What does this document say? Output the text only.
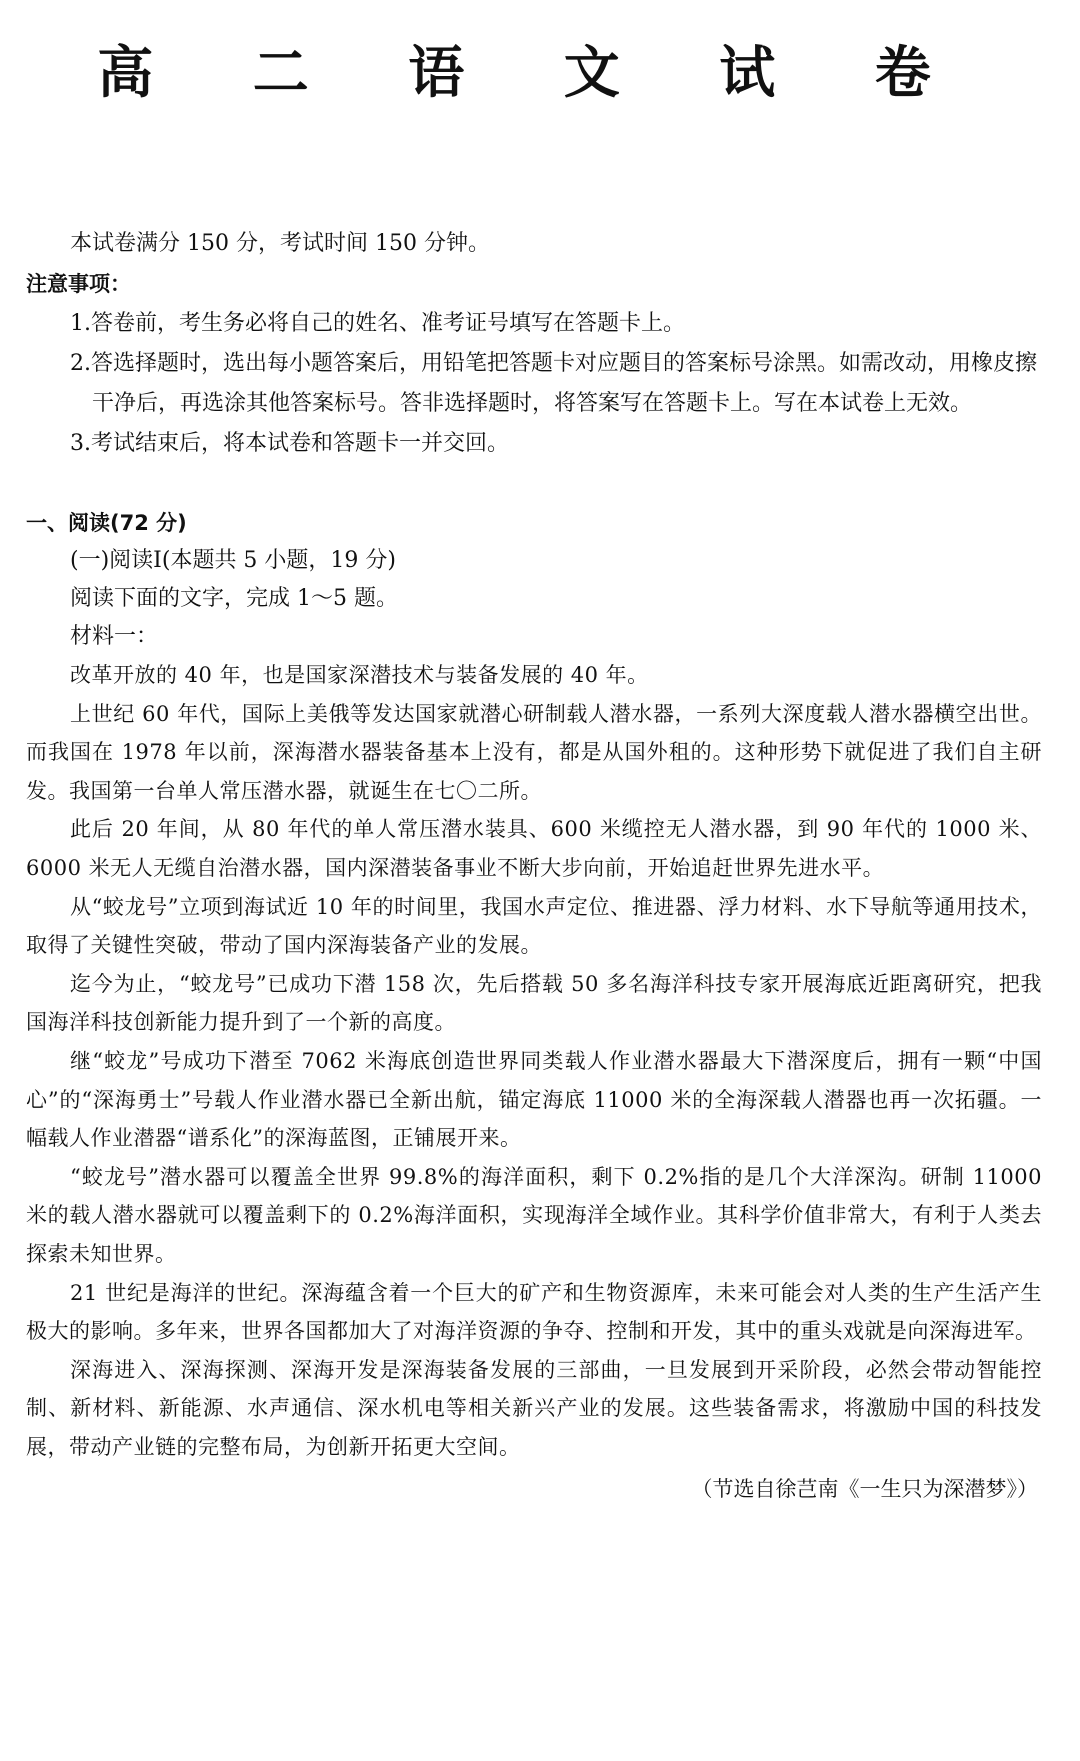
高 二 语 文 试 卷

本试卷满分 150 分，考试时间 150 分钟。

注意事项：

1.答卷前，考生务必将自己的姓名、准考证号填写在答题卡上。

2.答选择题时，选出每小题答案后，用铅笔把答题卡对应题目的答案标号涂黑。如需改动，用橡皮擦干净后，再选涂其他答案标号。答非选择题时，将答案写在答题卡上。写在本试卷上无效。

3.考试结束后，将本试卷和答题卡一并交回。

一、阅读(72 分)

(一)阅读Ⅰ(本题共 5 小题，19 分)

阅读下面的文字，完成 1～5 题。

材料一：

改革开放的 40 年，也是国家深潜技术与装备发展的 40 年。

上世纪 60 年代，国际上美俄等发达国家就潜心研制载人潜水器，一系列大深度载人潜水器横空出世。而我国在 1978 年以前，深海潜水器装备基本上没有，都是从国外租的。这种形势下就促进了我们自主研发。我国第一台单人常压潜水器，就诞生在七〇二所。

此后 20 年间，从 80 年代的单人常压潜水装具、600 米缆控无人潜水器，到 90 年代的 1000 米、6000 米无人无缆自治潜水器，国内深潜装备事业不断大步向前，开始追赶世界先进水平。

从“蛟龙号”立项到海试近 10 年的时间里，我国水声定位、推进器、浮力材料、水下导航等通用技术，取得了关键性突破，带动了国内深海装备产业的发展。

迄今为止，“蛟龙号”已成功下潜 158 次，先后搭载 50 多名海洋科技专家开展海底近距离研究，把我国海洋科技创新能力提升到了一个新的高度。

继“蛟龙”号成功下潜至 7062 米海底创造世界同类载人作业潜水器最大下潜深度后，拥有一颗“中国心”的“深海勇士”号载人作业潜水器已全新出航，锚定海底 11000 米的全海深载人潜器也再一次拓疆。一幅载人作业潜器“谱系化”的深海蓝图，正铺展开来。

“蛟龙号”潜水器可以覆盖全世界 99.8%的海洋面积，剩下 0.2%指的是几个大洋深沟。研制 11000 米的载人潜水器就可以覆盖剩下的 0.2%海洋面积，实现海洋全域作业。其科学价值非常大，有利于人类去探索未知世界。

21 世纪是海洋的世纪。深海蕴含着一个巨大的矿产和生物资源库，未来可能会对人类的生产生活产生极大的影响。多年来，世界各国都加大了对海洋资源的争夺、控制和开发，其中的重头戏就是向深海进军。

深海进入、深海探测、深海开发是深海装备发展的三部曲，一旦发展到开采阶段，必然会带动智能控制、新材料、新能源、水声通信、深水机电等相关新兴产业的发展。这些装备需求，将激励中国的科技发展，带动产业链的完整布局，为创新开拓更大空间。

（节选自徐芑南《一生只为深潜梦》）
